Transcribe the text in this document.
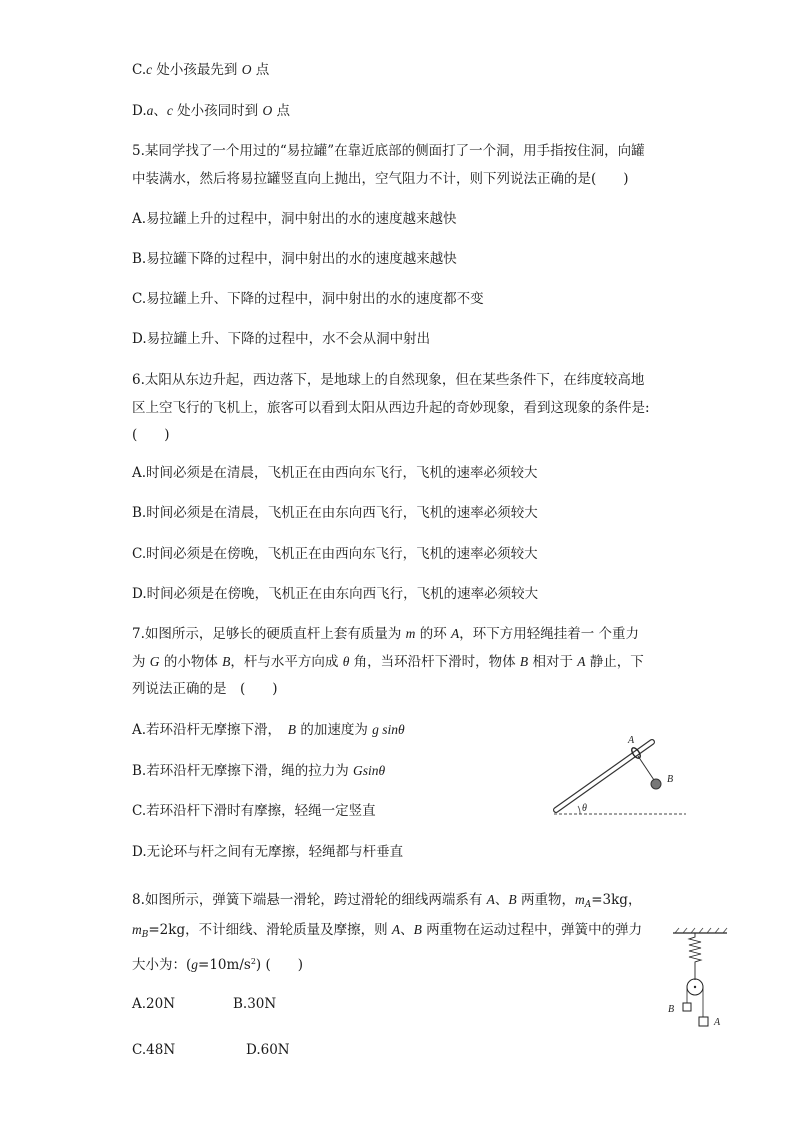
C.c 处小孩最先到 O 点
D.a、c 处小孩同时到 O 点
5.某同学找了一个用过的“易拉罐”在靠近底部的侧面打了一个洞，用手指按住洞，向罐
中装满水，然后将易拉罐竖直向上抛出，空气阻力不计，则下列说法正确的是(　　)
A.易拉罐上升的过程中，洞中射出的水的速度越来越快
B.易拉罐下降的过程中，洞中射出的水的速度越来越快
C.易拉罐上升、下降的过程中，洞中射出的水的速度都不变
D.易拉罐上升、下降的过程中，水不会从洞中射出
6.太阳从东边升起，西边落下，是地球上的自然现象，但在某些条件下，在纬度较高地
区上空飞行的飞机上，旅客可以看到太阳从西边升起的奇妙现象，看到这现象的条件是:
(　　)
A.时间必须是在清晨，飞机正在由西向东飞行，飞机的速率必须较大
B.时间必须是在清晨，飞机正在由东向西飞行，飞机的速率必须较大
C.时间必须是在傍晚，飞机正在由西向东飞行，飞机的速率必须较大
D.时间必须是在傍晚，飞机正在由东向西飞行，飞机的速率必须较大
7.如图所示，足够长的硬质直杆上套有质量为 m 的环 A，环下方用轻绳挂着一 个重力
为 G 的小物体 B，杆与水平方向成 θ 角，当环沿杆下滑时，物体 B 相对于 A 静止，下
列说法正确的是　(　　)
A.若环沿杆无摩擦下滑，　B 的加速度为 g sinθ
B.若环沿杆无摩擦下滑，绳的拉力为 Gsinθ
C.若环沿杆下滑时有摩擦，轻绳一定竖直
D.无论环与杆之间有无摩擦，轻绳都与杆垂直
θ
A
B
8.如图所示，弹簧下端悬一滑轮，跨过滑轮的细线两端系有 A、B 两重物，$m_A=3kg$，
$m_B=2kg$，不计细线、滑轮质量及摩擦，则 A、B 两重物在运动过程中，弹簧中的弹力
大小为：$(g=10m/s^2)$ (　　)
A.20N	B.30N
C.48N	D.60N
B
A
